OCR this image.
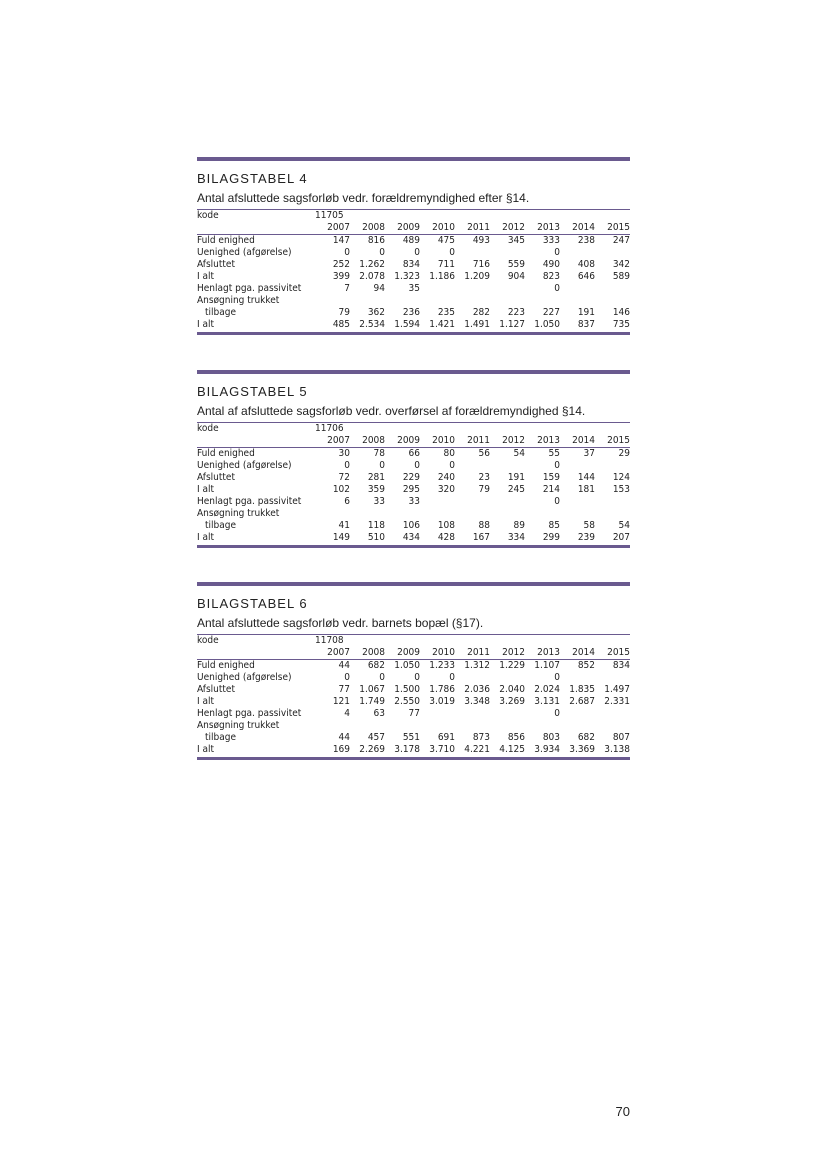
BILAGSTABEL 4
Antal afsluttede sagsforløb vedr. forældremyndighed efter §14.
kode	11705								
	2007	2008	2009	2010	2011	2012	2013	2014	2015

Fuld enighed	147	816	489	475	493	345	333	238	247
Uenighed (afgørelse)	0	0	0	0			0		
Afsluttet	252	1.262	834	711	716	559	490	408	342
I alt	399	2.078	1.323	1.186	1.209	904	823	646	589
Henlagt pga. passivitet	7	94	35				0		
Ansøgning trukket									
tilbage	79	362	236	235	282	223	227	191	146
I alt	485	2.534	1.594	1.421	1.491	1.127	1.050	837	735
BILAGSTABEL 5
Antal af afsluttede sagsforløb vedr. overførsel af forældremyndighed §14.
kode	11706								
	2007	2008	2009	2010	2011	2012	2013	2014	2015

Fuld enighed	30	78	66	80	56	54	55	37	29
Uenighed (afgørelse)	0	0	0	0			0		
Afsluttet	72	281	229	240	23	191	159	144	124
I alt	102	359	295	320	79	245	214	181	153
Henlagt pga. passivitet	6	33	33				0		
Ansøgning trukket									
tilbage	41	118	106	108	88	89	85	58	54
I alt	149	510	434	428	167	334	299	239	207
BILAGSTABEL 6
Antal afsluttede sagsforløb vedr. barnets bopæl (§17).
kode	11708								
	2007	2008	2009	2010	2011	2012	2013	2014	2015

Fuld enighed	44	682	1.050	1.233	1.312	1.229	1.107	852	834
Uenighed (afgørelse)	0	0	0	0			0		
Afsluttet	77	1.067	1.500	1.786	2.036	2.040	2.024	1.835	1.497
I alt	121	1.749	2.550	3.019	3.348	3.269	3.131	2.687	2.331
Henlagt pga. passivitet	4	63	77				0		
Ansøgning trukket									
tilbage	44	457	551	691	873	856	803	682	807
I alt	169	2.269	3.178	3.710	4.221	4.125	3.934	3.369	3.138
70
